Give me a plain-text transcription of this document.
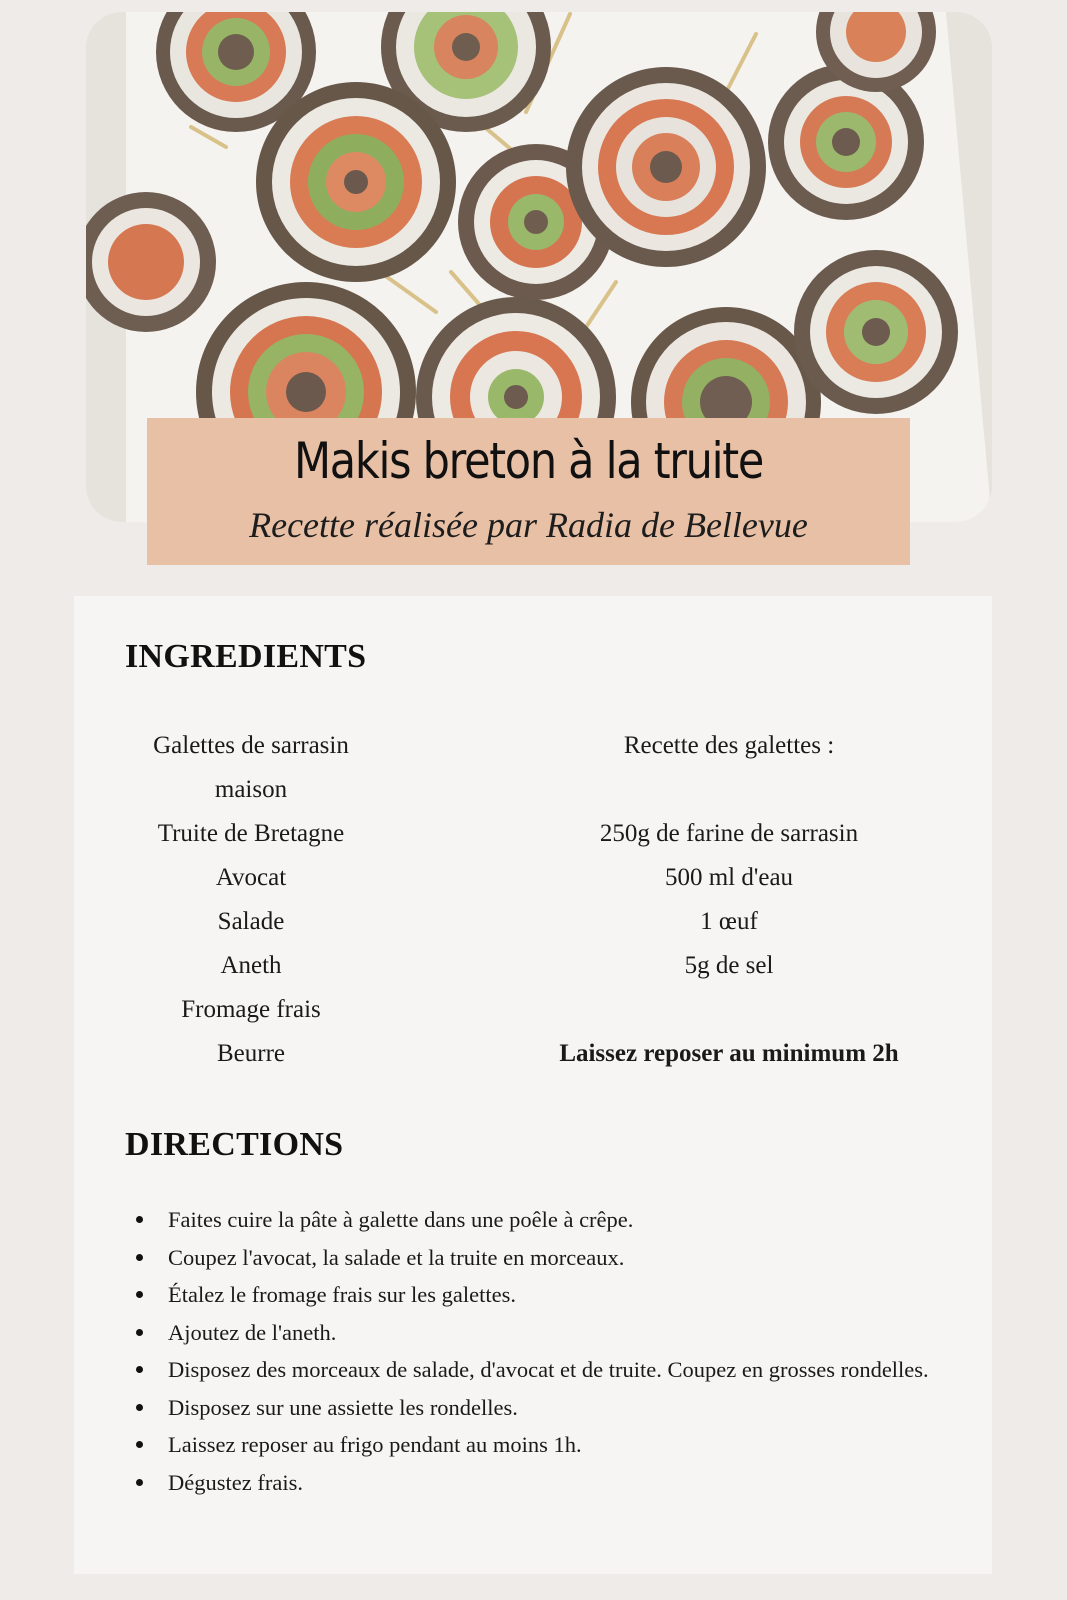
Makis breton à la truite
Recette réalisée par Radia de Bellevue
INGREDIENTS
Galettes de sarrasin
maison
Truite de Bretagne
Avocat
Salade
Aneth
Fromage frais
Beurre
Recette des galettes :
250g de farine de sarrasin
500 ml d'eau
1 œuf
5g de sel
Laissez reposer au minimum 2h
DIRECTIONS
Faites cuire la pâte à galette dans une poêle à crêpe.
Coupez l'avocat, la salade et la truite en morceaux.
Étalez le fromage frais sur les galettes.
Ajoutez de l'aneth.
Disposez des morceaux de salade, d'avocat et de truite. Coupez en grosses rondelles.
Disposez sur une assiette les rondelles.
Laissez reposer au frigo pendant au moins 1h.
Dégustez frais.
